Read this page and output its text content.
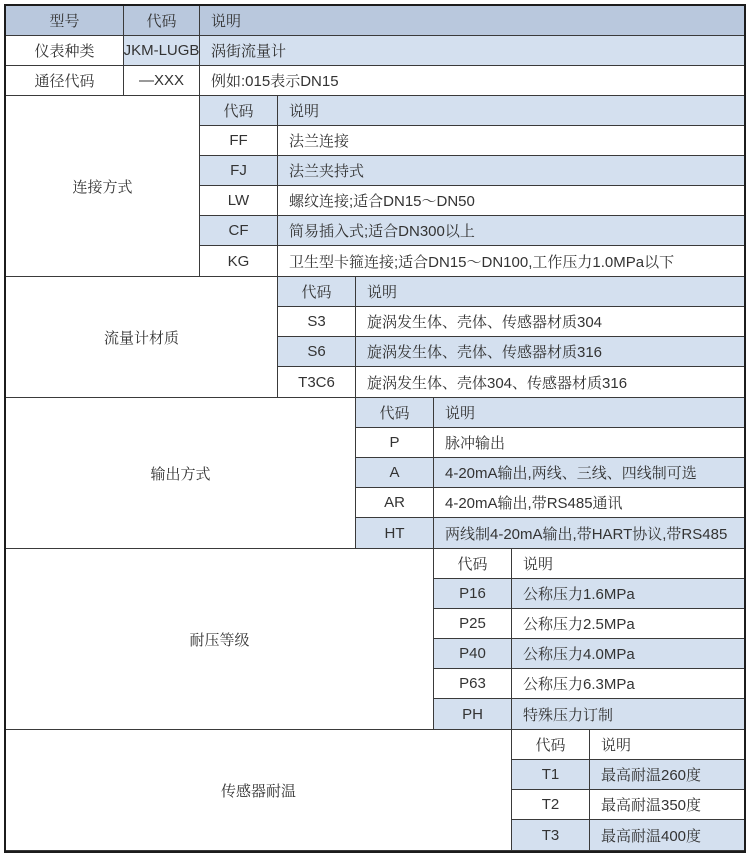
型号	代码	说明
仪表种类	JKM-LUGB 涡街流量计
通径代码	—XXX	例如:015表示DN15
连接方式
代码	说明
FF	法兰连接
FJ	法兰夹持式
LW	螺纹连接;适合DN15～DN50
CF	简易插入式;适合DN300以上
KG	卫生型卡箍连接;适合DN15～DN100,工作压力1.0MPa以下
流量计材质
代码	说明
S3	旋涡发生体、壳体、传感器材质304
S6	旋涡发生体、壳体、传感器材质316
T3C6	旋涡发生体、壳体304、传感器材质316
输出方式
代码	说明
P	脉冲输出
A	4-20mA输出,两线、三线、四线制可选
AR	4-20mA输出,带RS485通讯
HT	两线制4-20mA输出,带HART协议,带RS485
耐压等级
代码	说明
P16	公称压力1.6MPa
P25	公称压力2.5MPa
P40	公称压力4.0MPa
P63	公称压力6.3MPa
PH	特殊压力订制
传感器耐温
代码	说明
T1	最高耐温260度
T2	最高耐温350度
T3	最高耐温400度
